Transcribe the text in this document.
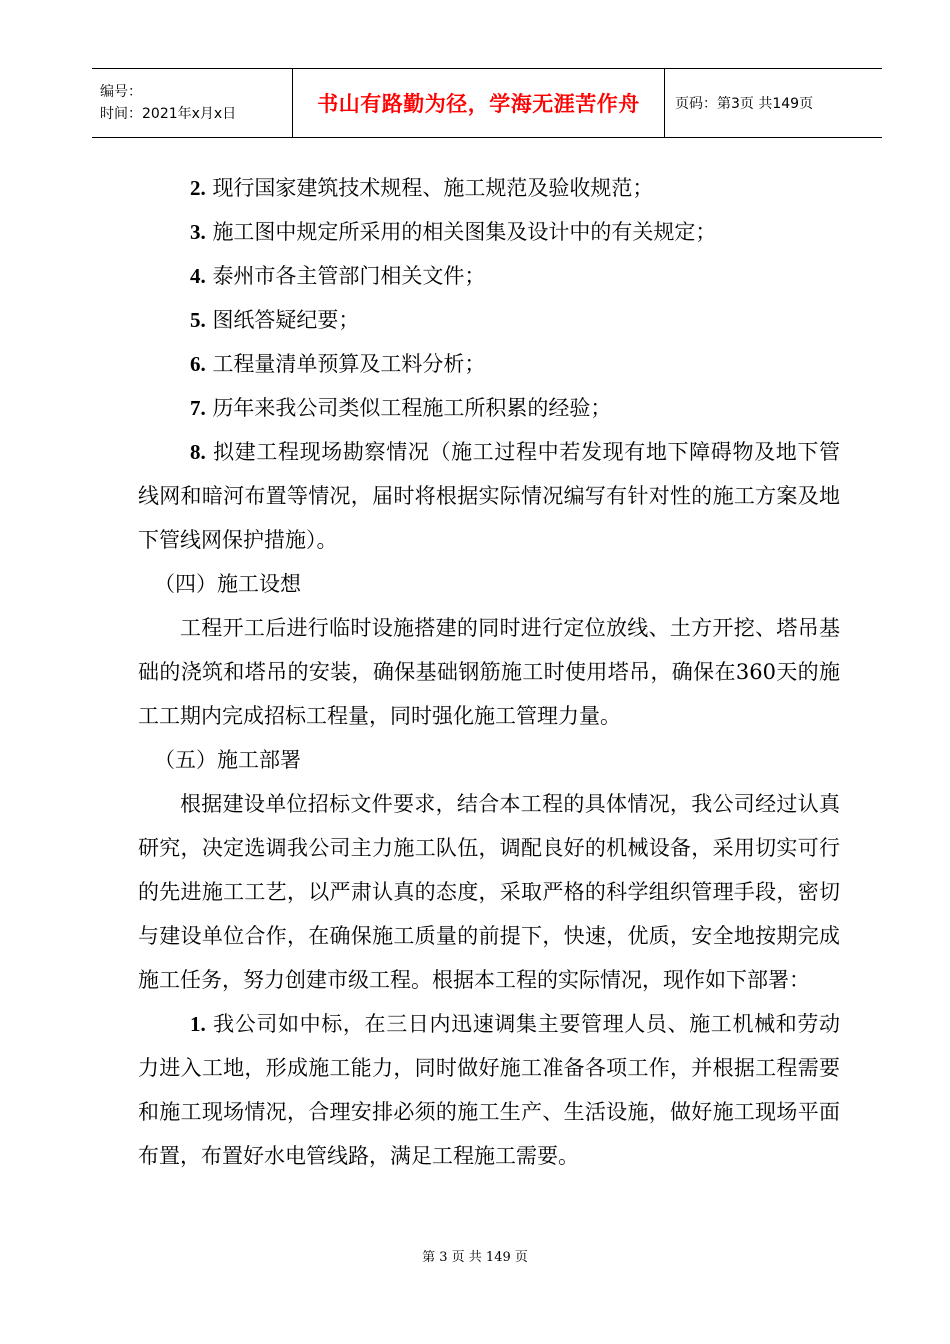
编号：
时间：2021年x月x日	书山有路勤为径，学海无涯苦作舟	页码：第3页 共149页

2. 现行国家建筑技术规程、施工规范及验收规范；

3. 施工图中规定所采用的相关图集及设计中的有关规定；

4. 泰州市各主管部门相关文件；

5. 图纸答疑纪要；

6. 工程量清单预算及工料分析；

7. 历年来我公司类似工程施工所积累的经验；

8. 拟建工程现场勘察情况（施工过程中若发现有地下障碍物及地下管线网和暗河布置等情况，届时将根据实际情况编写有针对性的施工方案及地下管线网保护措施）。

（四）施工设想

工程开工后进行临时设施搭建的同时进行定位放线、土方开挖、塔吊基础的浇筑和塔吊的安装，确保基础钢筋施工时使用塔吊，确保在360天的施工工期内完成招标工程量，同时强化施工管理力量。

（五）施工部署

根据建设单位招标文件要求，结合本工程的具体情况，我公司经过认真研究，决定选调我公司主力施工队伍，调配良好的机械设备，采用切实可行的先进施工工艺，以严肃认真的态度，采取严格的科学组织管理手段，密切与建设单位合作，在确保施工质量的前提下，快速，优质，安全地按期完成施工任务，努力创建市级工程。根据本工程的实际情况，现作如下部署：

1. 我公司如中标，在三日内迅速调集主要管理人员、施工机械和劳动力进入工地，形成施工能力，同时做好施工准备各项工作，并根据工程需要和施工现场情况，合理安排必须的施工生产、生活设施，做好施工现场平面布置，布置好水电管线路，满足工程施工需要。

第 3 页 共 149 页
